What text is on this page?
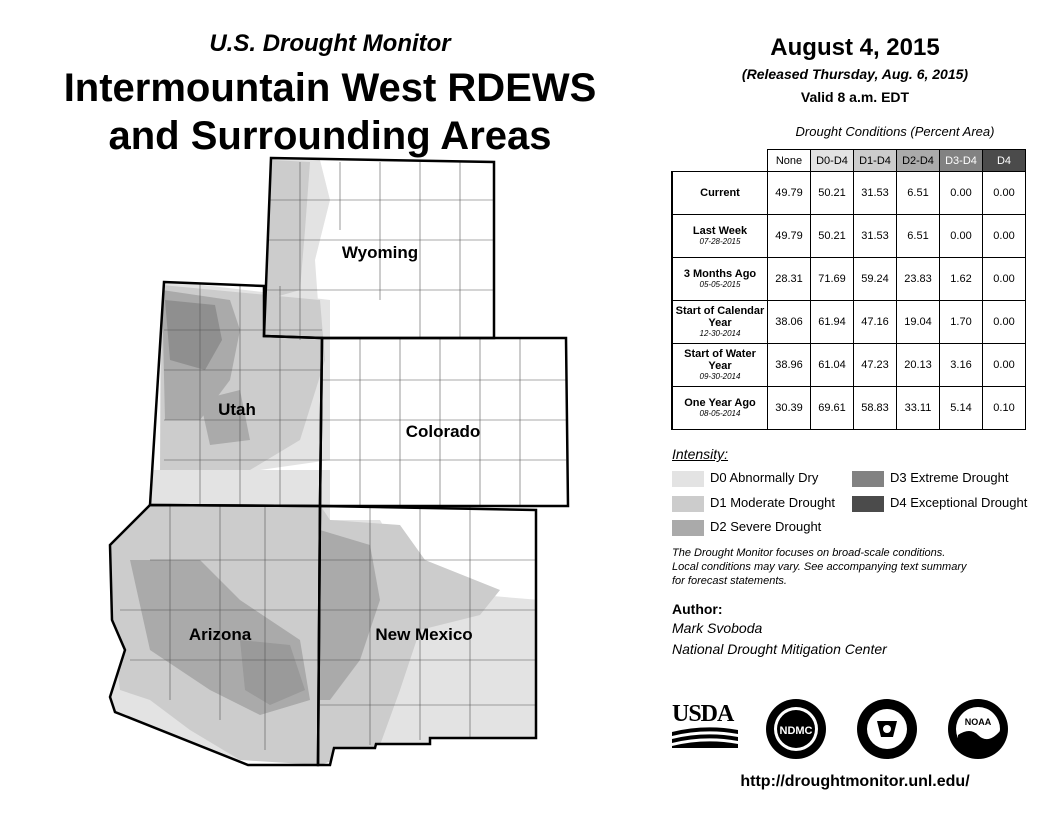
U.S. Drought Monitor
Intermountain West RDEWS
and Surrounding Areas
Wyoming
Utah
Colorado
Arizona	New Mexico
August 4, 2015
(Released Thursday, Aug. 6, 2015)
Valid 8 a.m. EDT
Drought Conditions (Percent Area)
	None	D0-D4	D1-D4	D2-D4	D3-D4	D4

Current	49.79	50.21	31.53	6.51	0.00	0.00

Last Week
07-28-2015	49.79	50.21	31.53	6.51	0.00	0.00

3 Months Ago
05-05-2015	28.31	71.69	59.24	23.83	1.62	0.00

Start of Calendar Year
12-30-2014	38.06	61.94	47.16	19.04	1.70	0.00

Start of Water Year
09-30-2014	38.96	61.04	47.23	20.13	3.16	0.00

One Year Ago
08-05-2014	30.39	69.61	58.83	33.11	5.14	0.10
Intensity:
D0 Abnormally Dry
D1 Moderate Drought
D2 Severe Drought
D3 Extreme Drought
D4 Exceptional Drought
The Drought Monitor focuses on broad-scale conditions.
Local conditions may vary. See accompanying text summary
for forecast statements.
Author:
Mark Svoboda
National Drought Mitigation Center
USDA
NDMC
NOAA
http://droughtmonitor.unl.edu/
